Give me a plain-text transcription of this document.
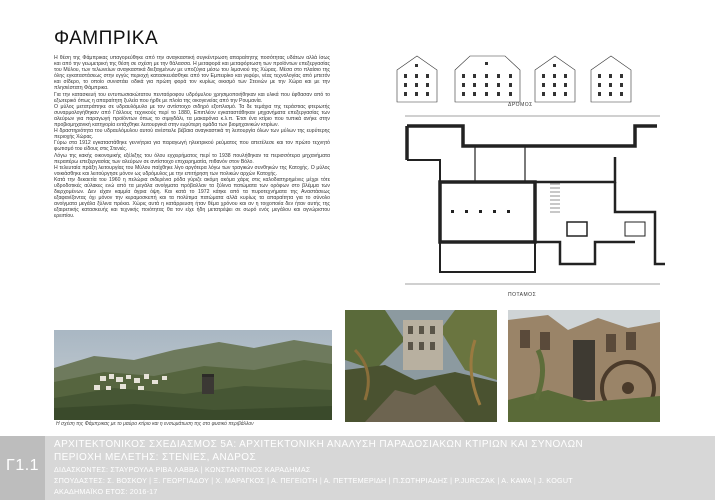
ΦΑΜΠΡΙΚΑ

Η θέση της Φάμπρικας υπαγορεύθηκε από την αναγκαστική συγκέντρωση απαραίτητης ποσότητας υδάτων αλλά ίσως και από την γεωμετρική της θέση σε σχέση με την θάλασσα. Η μεταφορά και μεταφόρτωση των προϊόντων επεξεργασίας του Μύλου, των τελωνείων αναγκαστικά διεξαγμένων με υποζύγια μέσω του λιμανιού της Χώρας. Μέσα στο πλαίσιο της όλης εγκαταστάσεως στην εγγύς περιοχή κατασκευάσθηκε από τον Εμπειρίκο και γεφύρι, νέας τεχνολογίας από μπετόν και σίδερο, το οποίο συνιστάει οδικά για πρώτη φορά τον κυρίως οικισμό των Στενιών με την Χώρα και με την πλησιέστατη Φάμπρικα.

Για την κατασκευή του εντυπωσιακώτατου πενταόροφου υδρόμυλου χρησιμοποιήθηκαν και υλικά που έφθασαν από το εξωτερικό όπως η απαραίτητη ξυλεία που ήρθε με πλοία της οικογενείας από την Ρουμανία.

Ο μύλος μετατράπηκε σε υδραυλόμυλο με τον αντίστοιχο σιδηρό εξοπλισμό. Τα δε τεμάχια της τεράστιας φτερωτής συναρμολογήθηκαν από Γάλλους τεχνικούς περί το 1880, Επιπλέον εγκαταστάθηκαν μηχανήματα επεξεργασίας των αλεύρων για παραγωγή προϊόντων όπως το σιμιγδάλι, τα μακαρόνια κ.λ.π. Έτσι ένα κτίριο που τυπικά ανήκε στην προβιομηχανική κατηγορία εντάχθηκε λειτουργικά στην ευρύτερη ομάδα των βιομηχανικών κτιρίων.

Η δραστηριότητα του υδραυλόμυλου αυτού ανέστειλε βέβαια αναγκαστικά τη λειτουργία όλων των μύλων της ευρύτερης περιοχής Χώρας.

Γύρω στα 1912 εγκαταστάθηκε γεννήτρια για παραγωγή ηλεκτρικού ρεύματος που απετέλεσε και τον πρώτο τεχνητό φωτισμό του είδους στις Στενιές.

Λόγω της κακής οικονομικής εξέλιξης του όλου εγχειρήματος περί το 1938 πουλήθηκαν τα περισσότερα μηχανήματα περαιτέρω επεξεργασίας των αλεύρων σε αντίστοιχο επιχειρηματία, πιθανόν στον Βόλο.

Η τελευταία πράξη λειτουργίας του Μύλου παίχθηκε λίγο αργότερα λόγω των τραγικών συνθηκών της Κατοχής. Ο μύλος νοικιάσθηκε και λειτούργησε μόνον ως υδρόμυλος με την επιτήρηση των πολικών αρχών Κατοχής.

Κατά την δεκαετία του 1960 η πελώρια σιδερένια ρόδα γύριζε ακόμη ακόμα χάρις στις καλοδιατηρημένες μέχρι τότε υδροδοτικές αύλακες ενώ από τα μεγάλα ανοίγματα πρόβαλλαν τα ξύλινα πατώματα των ορόφων στο βλέμμα των διερχομένων. Δεν είχαν καμμία άγρια όψη. Και κατά το 1972 κάηκε από τα πυροτεχνήματα της Αναστάσεως εξαφανίζοντας όχι μόνον την κεραμοσκεπή και τα πολύτιμα πατώματα αλλά κυρίως τα απαραίτητα για το σύνολο ανοίγματα μεγάλα ξύλινα πρέκια. Χώρις αυτά η κατάρρευση ήταν θέμα χρόνου και αν η τοιχοποιία δεν ήταν αυτής της εξαιρετικής κατασκευής και τεχνικής ποιότητας θα τον είχε ήδη μετατρέψει σε σωρό ενός μεγάλου και αγνώριστου ερειπίου.

Η σχέση της Φάμπρικας με το μαύρο κτίριο και η ενσωμάτωση της στο φυσικό περιβάλλον
ΔΡΟΜΟΣ
ΠΟΤΑΜΟΣ
Γ1.1
ΑΡΧΙΤΕΚΤΟΝΙΚΟΣ ΣΧΕΔΙΑΣΜΟΣ 5Α: ΑΡΧΙΤΕΚΤΟΝΙΚΗ ΑΝΑΛΥΣΗ ΠΑΡΑΔΟΣΙΑΚΩΝ ΚΤΙΡΙΩΝ ΚΑΙ ΣΥΝΟΛΩΝ
ΠΕΡΙΟΧΗ ΜΕΛΕΤΗΣ: ΣΤΕΝΙΕΣ, ΑΝΔΡΟΣ
ΔΙΔΑΣΚΟΝΤΕΣ: ΣΤΑΥΡΟΥΛΑ ΡΙΒΑ ΛΑΒΒΑ | ΚΩΝΣΤΑΝΤΙΝΟΣ ΚΑΡΑΔΗΜΑΣ
ΣΠΟΥΔΑΣΤΕΣ: Σ. ΒΟΣΚΟΥ | Ξ. ΓΕΩΡΓΙΑΔΟΥ | Χ. ΜΑΡΑΓΚΟΣ | Α. ΠΕΓΕΙΩΤΗ | Α. ΠΕΤΤΕΜΕΡΙΔΗ | Π.ΣΩΤΗΡΙΑΔΗΣ | P.JURCZAK | A. KAWA | J. KOGUT
ΑΚΑΔΗΜΑΪΚΟ ΕΤΟΣ: 2016-17
